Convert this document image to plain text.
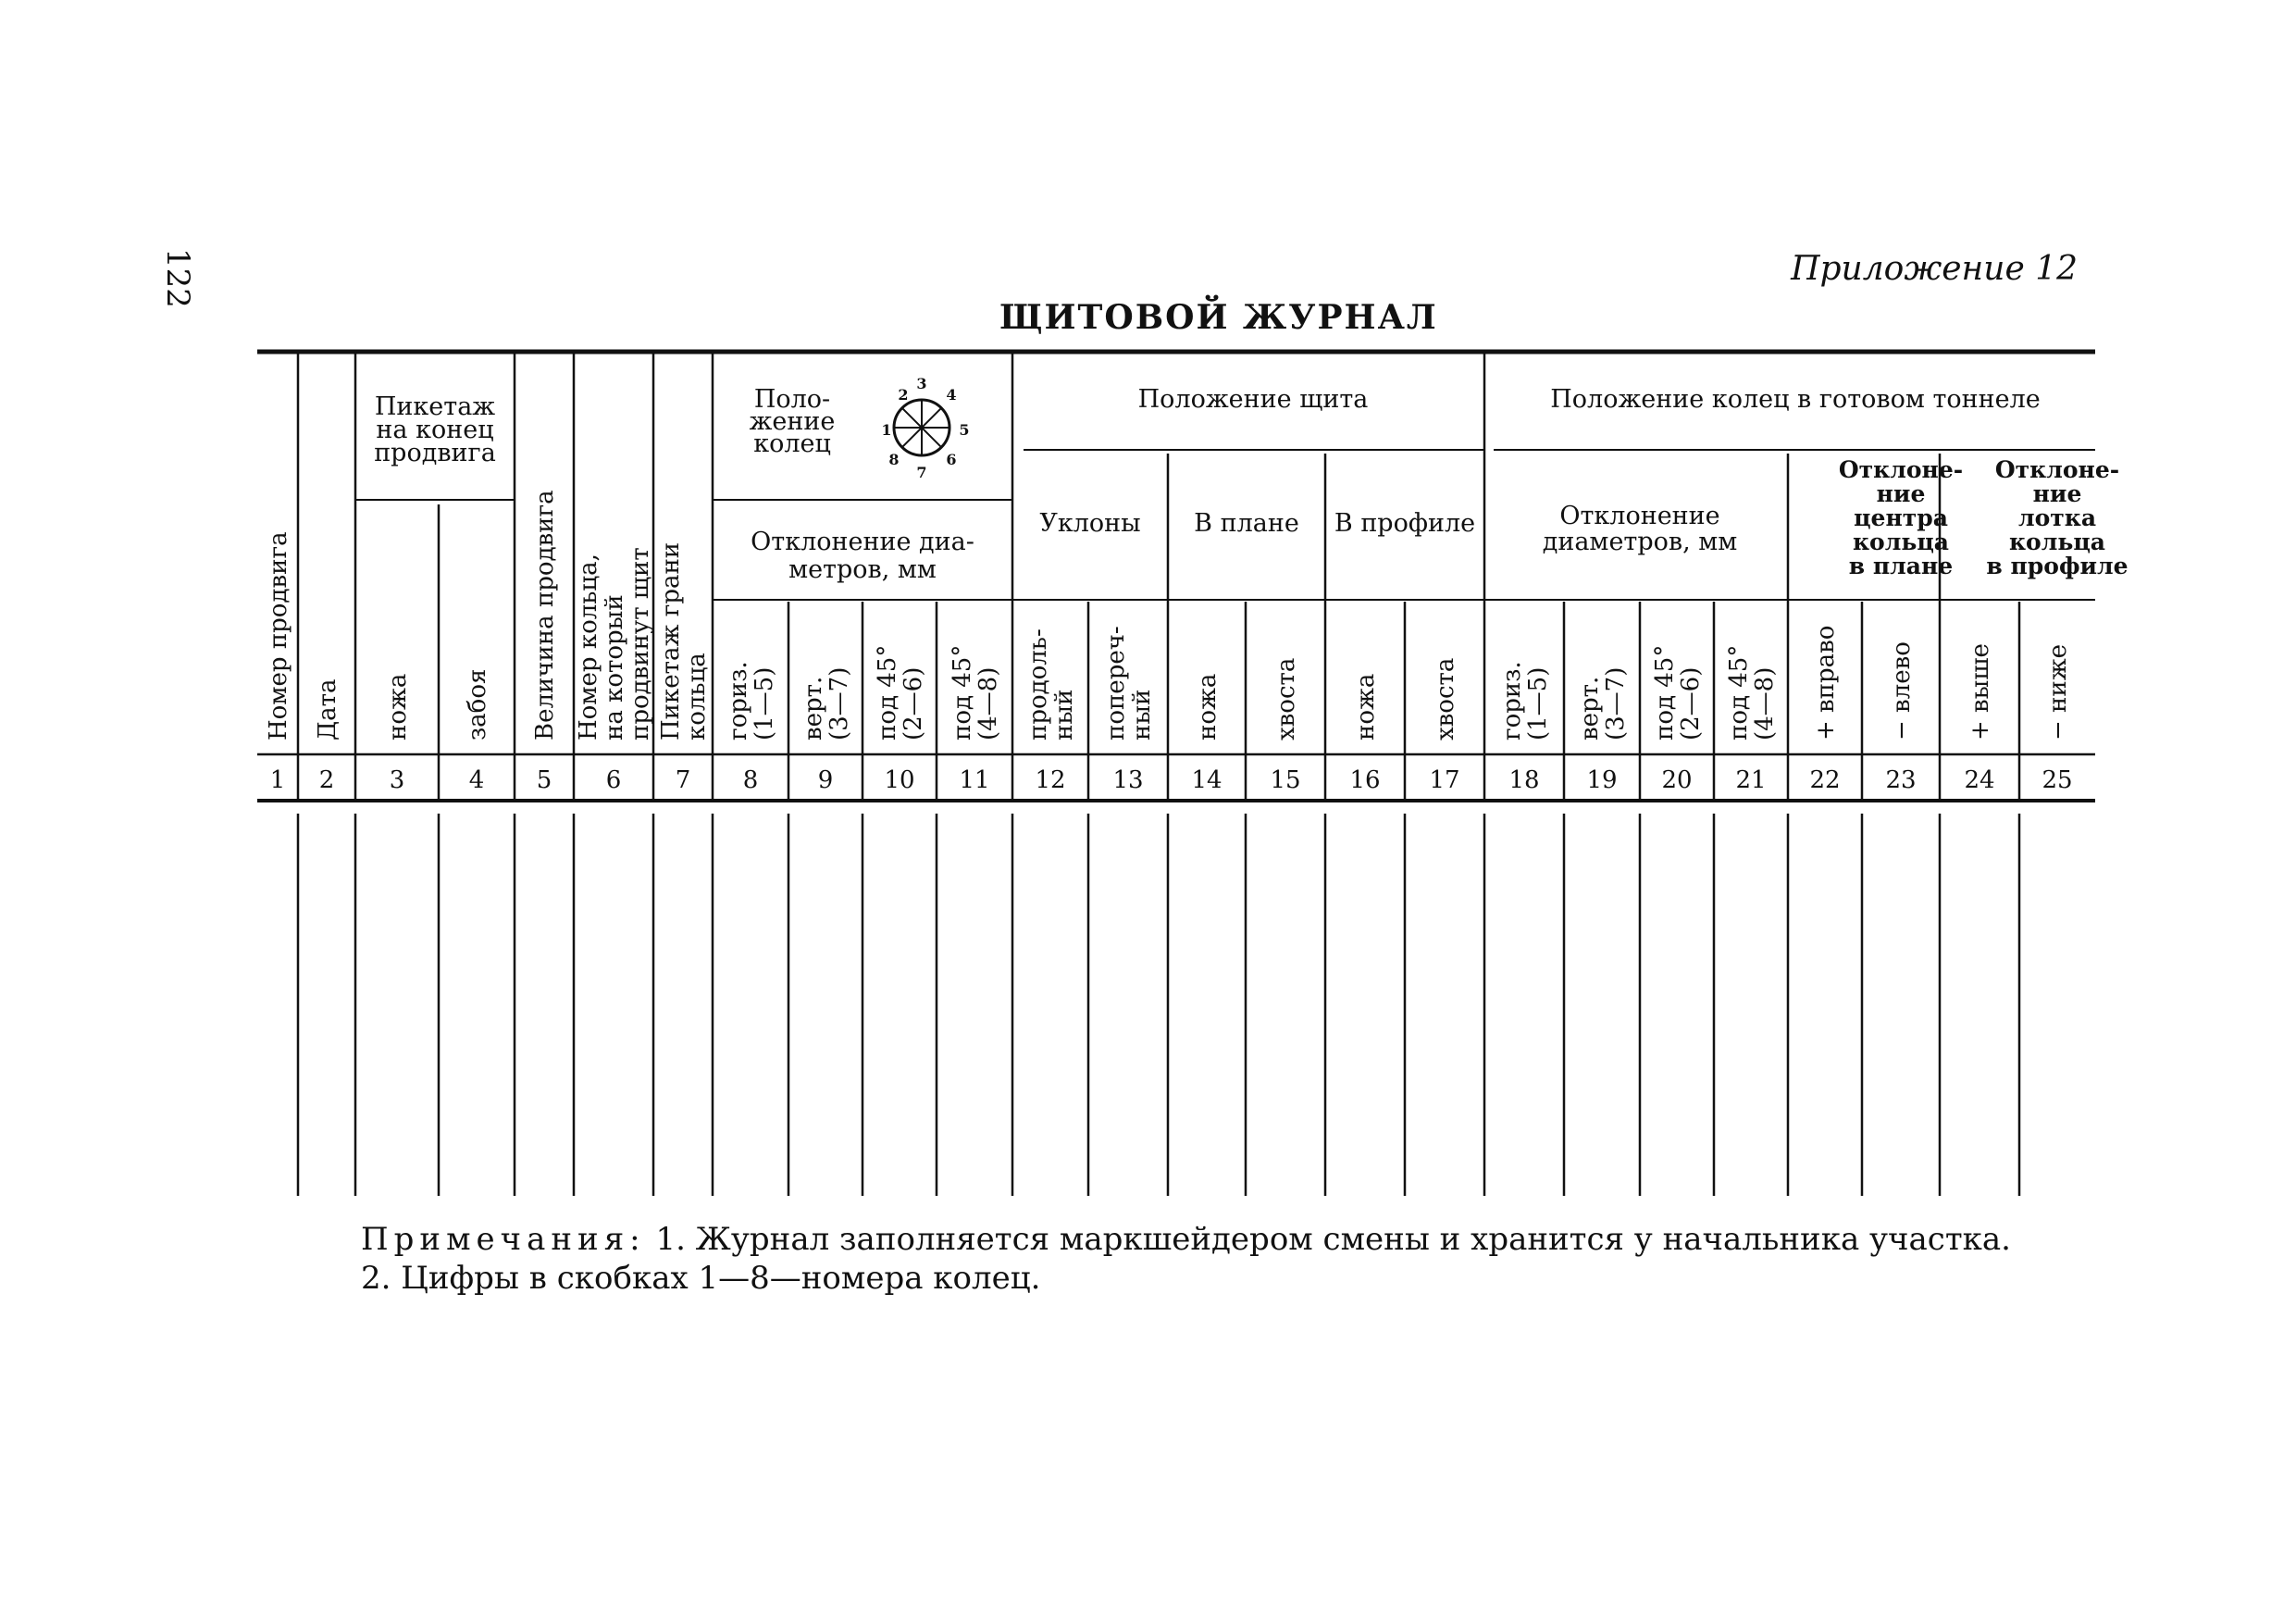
122	Приложение 12
ЩИТОВОЙ ЖУРНАЛ
Пикетаж
на конец
продвига
Поло-
жение
колец
Отклонение диа-
метров, мм
Положение щита
Уклоны В плане В профиле
Положение колец в готовом тоннеле
Отклонение
диаметров, мм
Отклоне-
ние
центра
кольца
в плане
Отклоне-
ние
лотка
кольца
в профиле
1
2
3
4
5
6
7
8
Номер продвига
1
Дата
2
ножа
3
забоя
4
Величина продвига
5
Номер кольца,
на который
продвинут щит
6
Пикетаж грани
кольца
7
гориз.
(1—5)
8
верт.
(3—7)
9
под 45°
(2—6)
10
под 45°
(4—8)
11
продоль-
ный
12
попереч-
ный
13
ножа
14
хвоста
15
ножа
16
хвоста
17
гориз.
(1—5)
18
верт.
(3—7)
19
под 45°
(2—6)
20
под 45°
(4—8)
21
+ вправо
22
− влево
23
+ выше
24
− ниже
25
Примечания: 1. Журнал заполняется маркшейдером смены и хранится у начальника участка.
2. Цифры в скобках 1—8—номера колец.
